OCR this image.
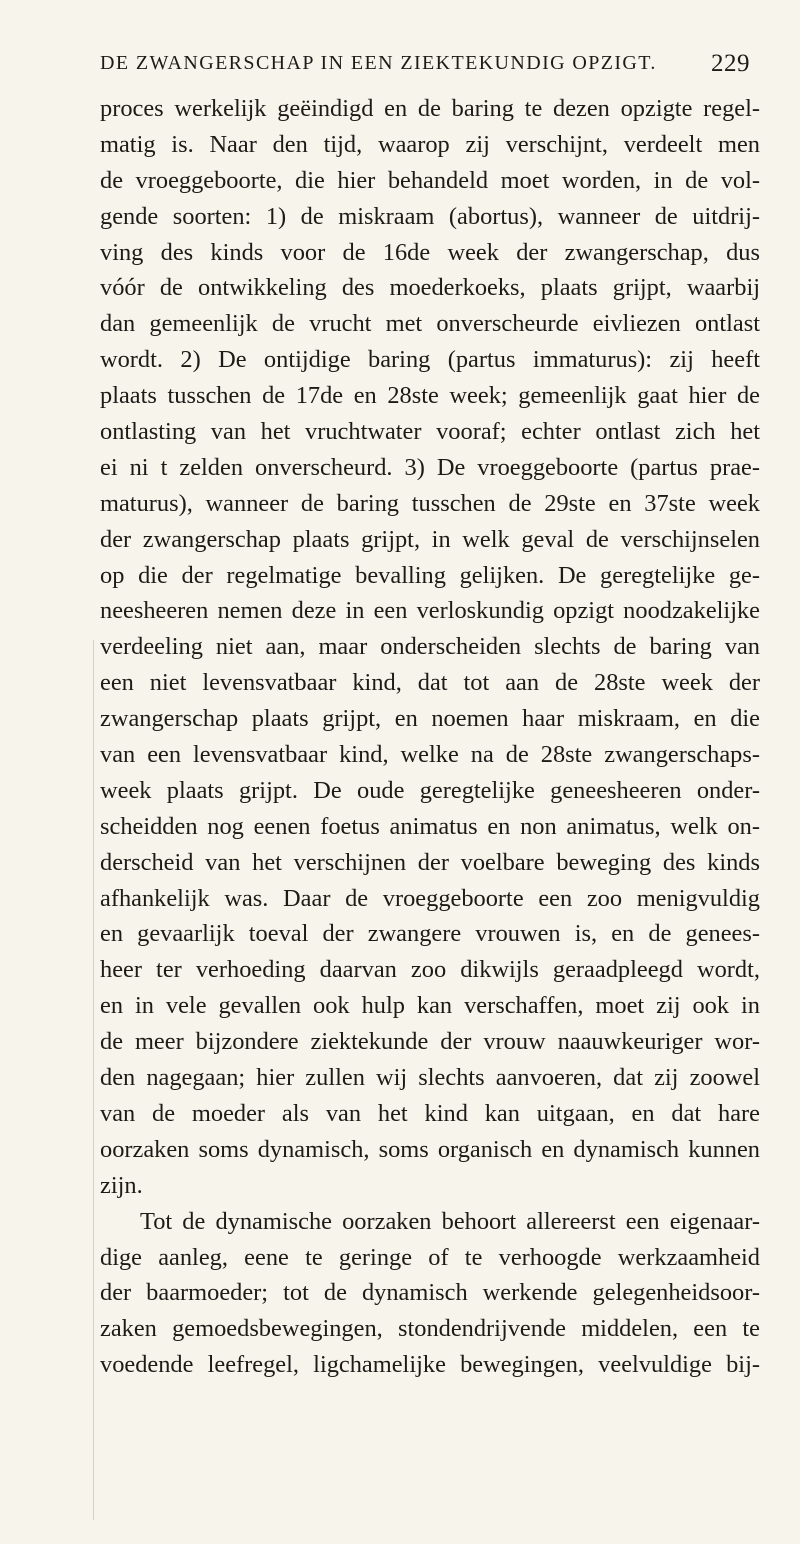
DE ZWANGERSCHAP IN EEN ZIEKTEKUNDIG OPZIGT. 229
proces werkelijk geëindigd en de baring te dezen opzigte regel-
matig is. Naar den tijd, waarop zij verschijnt, verdeelt men
de vroeggeboorte, die hier behandeld moet worden, in de vol-
gende soorten: 1) de miskraam (abortus), wanneer de uitdrij-
ving des kinds voor de 16de week der zwangerschap, dus
vóór de ontwikkeling des moederkoeks, plaats grijpt, waarbij
dan gemeenlijk de vrucht met onverscheurde eivliezen ontlast
wordt. 2) De ontijdige baring (partus immaturus): zij heeft
plaats tusschen de 17de en 28ste week; gemeenlijk gaat hier de
ontlasting van het vruchtwater vooraf; echter ontlast zich het
ei ni t zelden onverscheurd. 3) De vroeggeboorte (partus prae-
maturus), wanneer de baring tusschen de 29ste en 37ste week
der zwangerschap plaats grijpt, in welk geval de verschijnselen
op die der regelmatige bevalling gelijken. De geregtelijke ge-
neesheeren nemen deze in een verloskundig opzigt noodzakelijke
verdeeling niet aan, maar onderscheiden slechts de baring van
een niet levensvatbaar kind, dat tot aan de 28ste week der
zwangerschap plaats grijpt, en noemen haar miskraam, en die
van een levensvatbaar kind, welke na de 28ste zwangerschaps-
week plaats grijpt. De oude geregtelijke geneesheeren onder-
scheidden nog eenen foetus animatus en non animatus, welk on-
derscheid van het verschijnen der voelbare beweging des kinds
afhankelijk was. Daar de vroeggeboorte een zoo menigvuldig
en gevaarlijk toeval der zwangere vrouwen is, en de genees-
heer ter verhoeding daarvan zoo dikwijls geraadpleegd wordt,
en in vele gevallen ook hulp kan verschaffen, moet zij ook in
de meer bijzondere ziektekunde der vrouw naauwkeuriger wor-
den nagegaan; hier zullen wij slechts aanvoeren, dat zij zoowel
van de moeder als van het kind kan uitgaan, en dat hare
oorzaken soms dynamisch, soms organisch en dynamisch kunnen
zijn.
Tot de dynamische oorzaken behoort allereerst een eigenaar-
dige aanleg, eene te geringe of te verhoogde werkzaamheid
der baarmoeder; tot de dynamisch werkende gelegenheidsoor-
zaken gemoedsbewegingen, stondendrijvende middelen, een te
voedende leefregel, ligchamelijke bewegingen, veelvuldige bij-
